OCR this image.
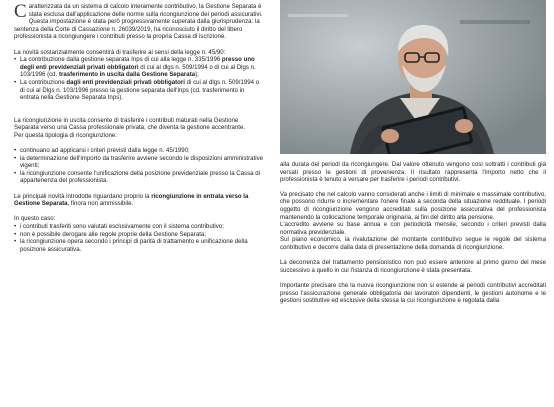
Caratterizzata da un sistema di calcolo interamente contributivo, la Gestione Separata è stata esclusa dall'applicazione delle norme sulla ricongiunzione dei periodi assicurativi. Questa impostazione è stata però progressivamente superata dalla giurisprudenza: la sentenza della Corte di Cassazione n. 26039/2019, ha riconosciuto il diritto del libero professionista a ricongiungere i contributi presso la propria Cassa di iscrizione.

La novità sostanzialmente consentirà di trasferire ai sensi della legge n. 45/90:

• La contribuzione dalla gestione separata Inps di cui alla legge n. 335/1996 presso uno degli enti previdenziali privati obbligatori di cui al dlgs n. 509/1994 o di cui al Dlgs n. 103/1996 (cd. trasferimento in uscita dalla Gestione Separata);
• La contribuzione dagli enti previdenziali privati obbligatori di cui al dlgs n. 509/1994 o di cui al Dlgs n. 103/1996 presso la gestione separata dell'Inps (cd. trasferimento in entrata nella Gestione Separata Inps).

La ricongiunzione in uscita consente di trasferire i contributi maturati nella Gestione Separata verso una Cassa professionale privata, che diventa la gestione accentrante.

Per questa tipologia di ricongiunzione:

• continuano ad applicarsi i criteri previsti dalla legge n. 45/1990;
• la determinazione dell'importo da trasferire avviene secondo le disposizioni amministrative vigenti;
• la ricongiunzione consente l'unificazione della posizione previdenziale presso la Cassa di appartenenza del professionista.

Le principali novità introdotte riguardano proprio la ricongiunzione in entrata verso la Gestione Separata, finora non ammissibile.

In questo caso:

• i contributi trasferiti sono valutati esclusivamente con il sistema contributivo;
• non è possibile derogare alle regole proprie della Gestione Separata;
• la ricongiunzione opera secondo i principi di parità di trattamento e unificazione della posizione assicurativa.

alla durata dei periodi da ricongiungere. Dal valore ottenuto vengono così sottratti i contributi già versati presso le gestioni di provenienza. Il risultato rappresenta l'importo netto che il professionista è tenuto a versare per trasferire i periodi contributivi.

Va precisato che nel calcolo vanno considerati anche i limiti di minimale e massimale contributivo, che possono ridurre o incrementare l'onere finale a seconda della situazione reddituale. I periodi oggetto di ricongiunzione vengono accreditati sulla posizione assicurativa del professionista mantenendo la collocazione temporale originaria, ai fini del diritto alla pensione.

L'accredito avviene su base annua e con periodicità mensile, secondo i criteri previsti dalla normativa previdenziale.

Sul piano economico, la rivalutazione del montante contributivo segue le regole del sistema contributivo e decorre dalla data di presentazione della domanda di ricongiunzione.

La decorrenza del trattamento pensionistico non può essere anteriore al primo giorno del mese successivo a quello in cui l'istanza di ricongiunzione è stata presentata.

Importante precisare che la nuova ricongiunzione non si estende ai periodi contributivi accreditati presso l'assicurazione generale obbligatoria dei lavoratori dipendenti, le gestioni autonome e le gestioni sostitutive ed esclusive della stessa la cui ricongiunzione è regolata dalla
